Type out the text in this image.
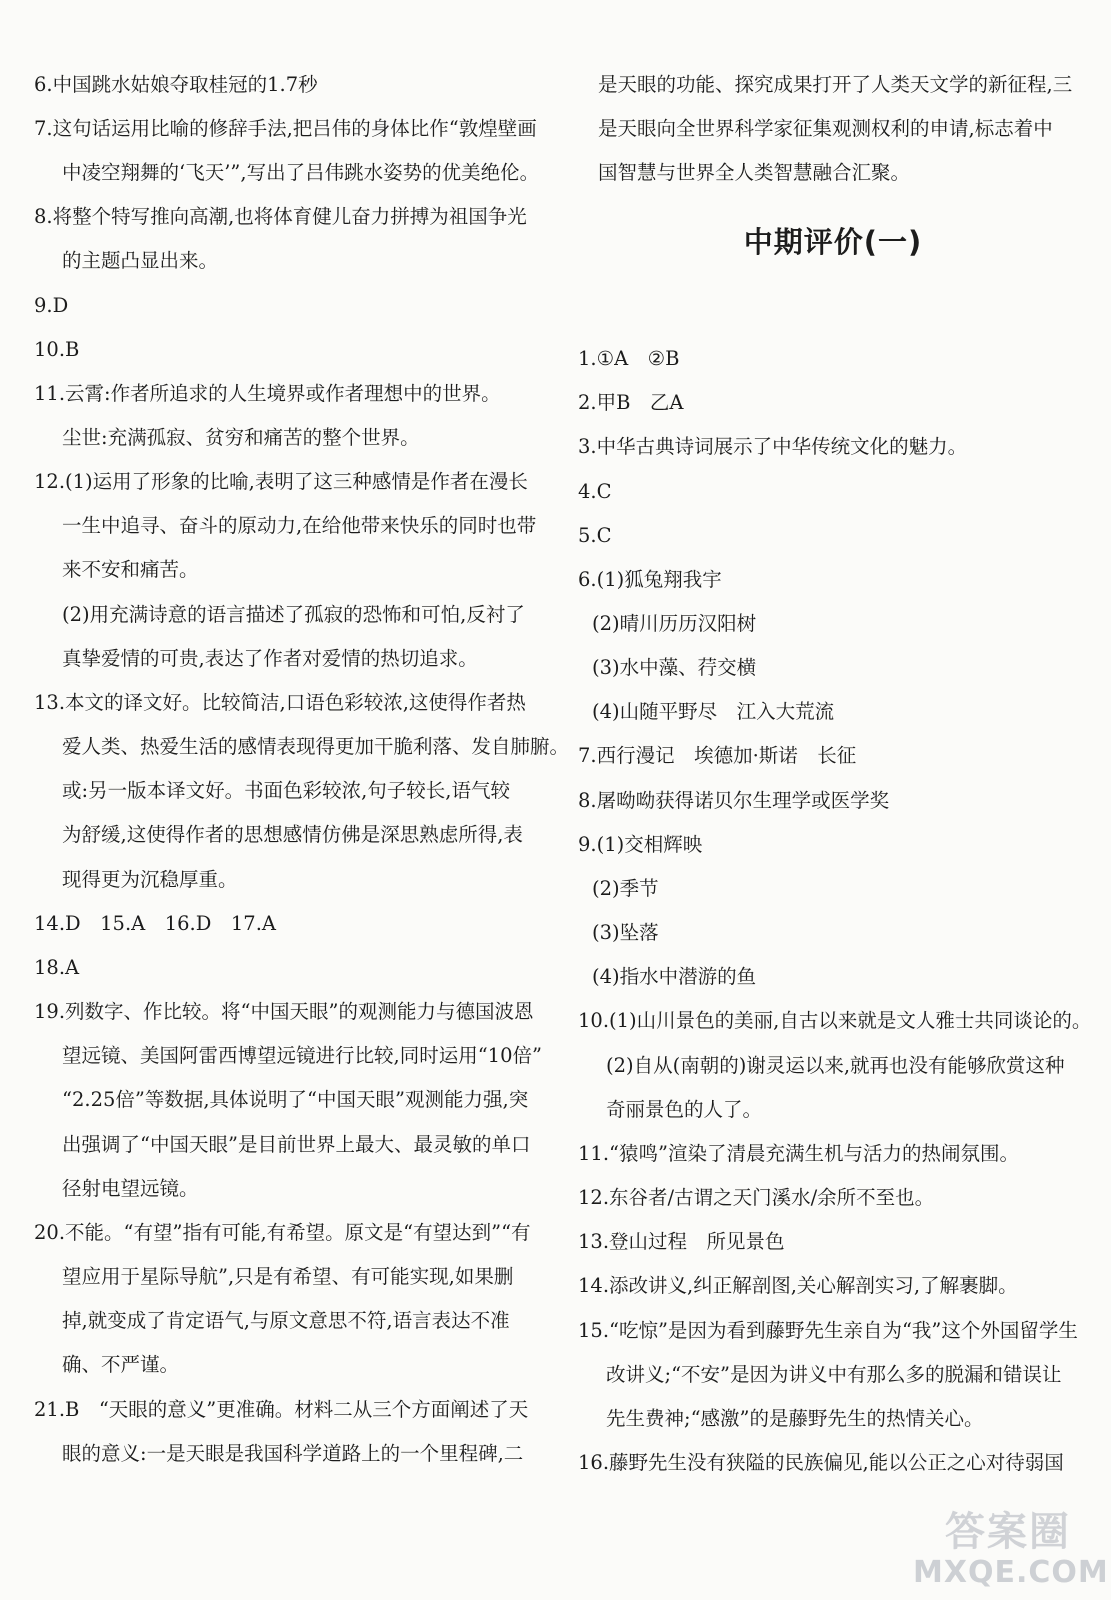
6.中国跳水姑娘夺取桂冠的1.7秒
7.这句话运用比喻的修辞手法,把吕伟的身体比作“敦煌壁画
中凌空翔舞的‘飞天’”,写出了吕伟跳水姿势的优美绝伦。
8.将整个特写推向高潮,也将体育健儿奋力拼搏为祖国争光
的主题凸显出来。
9.D
10.B
11.云霄:作者所追求的人生境界或作者理想中的世界。
尘世:充满孤寂、贫穷和痛苦的整个世界。
12.(1)运用了形象的比喻,表明了这三种感情是作者在漫长
一生中追寻、奋斗的原动力,在给他带来快乐的同时也带
来不安和痛苦。
(2)用充满诗意的语言描述了孤寂的恐怖和可怕,反衬了
真挚爱情的可贵,表达了作者对爱情的热切追求。
13.本文的译文好。比较简洁,口语色彩较浓,这使得作者热
爱人类、热爱生活的感情表现得更加干脆利落、发自肺腑。
或:另一版本译文好。书面色彩较浓,句子较长,语气较
为舒缓,这使得作者的思想感情仿佛是深思熟虑所得,表
现得更为沉稳厚重。
14.D　15.A　16.D　17.A
18.A
19.列数字、作比较。将“中国天眼”的观测能力与德国波恩
望远镜、美国阿雷西博望远镜进行比较,同时运用“10倍”
“2.25倍”等数据,具体说明了“中国天眼”观测能力强,突
出强调了“中国天眼”是目前世界上最大、最灵敏的单口
径射电望远镜。
20.不能。“有望”指有可能,有希望。原文是“有望达到”“有
望应用于星际导航”,只是有希望、有可能实现,如果删
掉,就变成了肯定语气,与原文意思不符,语言表达不准
确、不严谨。
21.B　“天眼的意义”更准确。材料二从三个方面阐述了天
眼的意义:一是天眼是我国科学道路上的一个里程碑,二
是天眼的功能、探究成果打开了人类天文学的新征程,三
是天眼向全世界科学家征集观测权利的申请,标志着中
国智慧与世界全人类智慧融合汇聚。
1.①A　②B
2.甲B　乙A
3.中华古典诗词展示了中华传统文化的魅力。
4.C
5.C
6.(1)狐兔翔我宇
(2)晴川历历汉阳树
(3)水中藻、荇交横
(4)山随平野尽　江入大荒流
7.西行漫记　埃德加·斯诺　长征
8.屠呦呦获得诺贝尔生理学或医学奖
9.(1)交相辉映
(2)季节
(3)坠落
(4)指水中潜游的鱼
10.(1)山川景色的美丽,自古以来就是文人雅士共同谈论的。
(2)自从(南朝的)谢灵运以来,就再也没有能够欣赏这种
奇丽景色的人了。
11.“猿鸣”渲染了清晨充满生机与活力的热闹氛围。
12.东谷者/古谓之天门溪水/余所不至也。
13.登山过程　所见景色
14.添改讲义,纠正解剖图,关心解剖实习,了解裹脚。
15.“吃惊”是因为看到藤野先生亲自为“我”这个外国留学生
改讲义;“不安”是因为讲义中有那么多的脱漏和错误让
先生费神;“感激”的是藤野先生的热情关心。
16.藤野先生没有狭隘的民族偏见,能以公正之心对待弱国
中期评价(一)
答案圈
MXQE.COM
